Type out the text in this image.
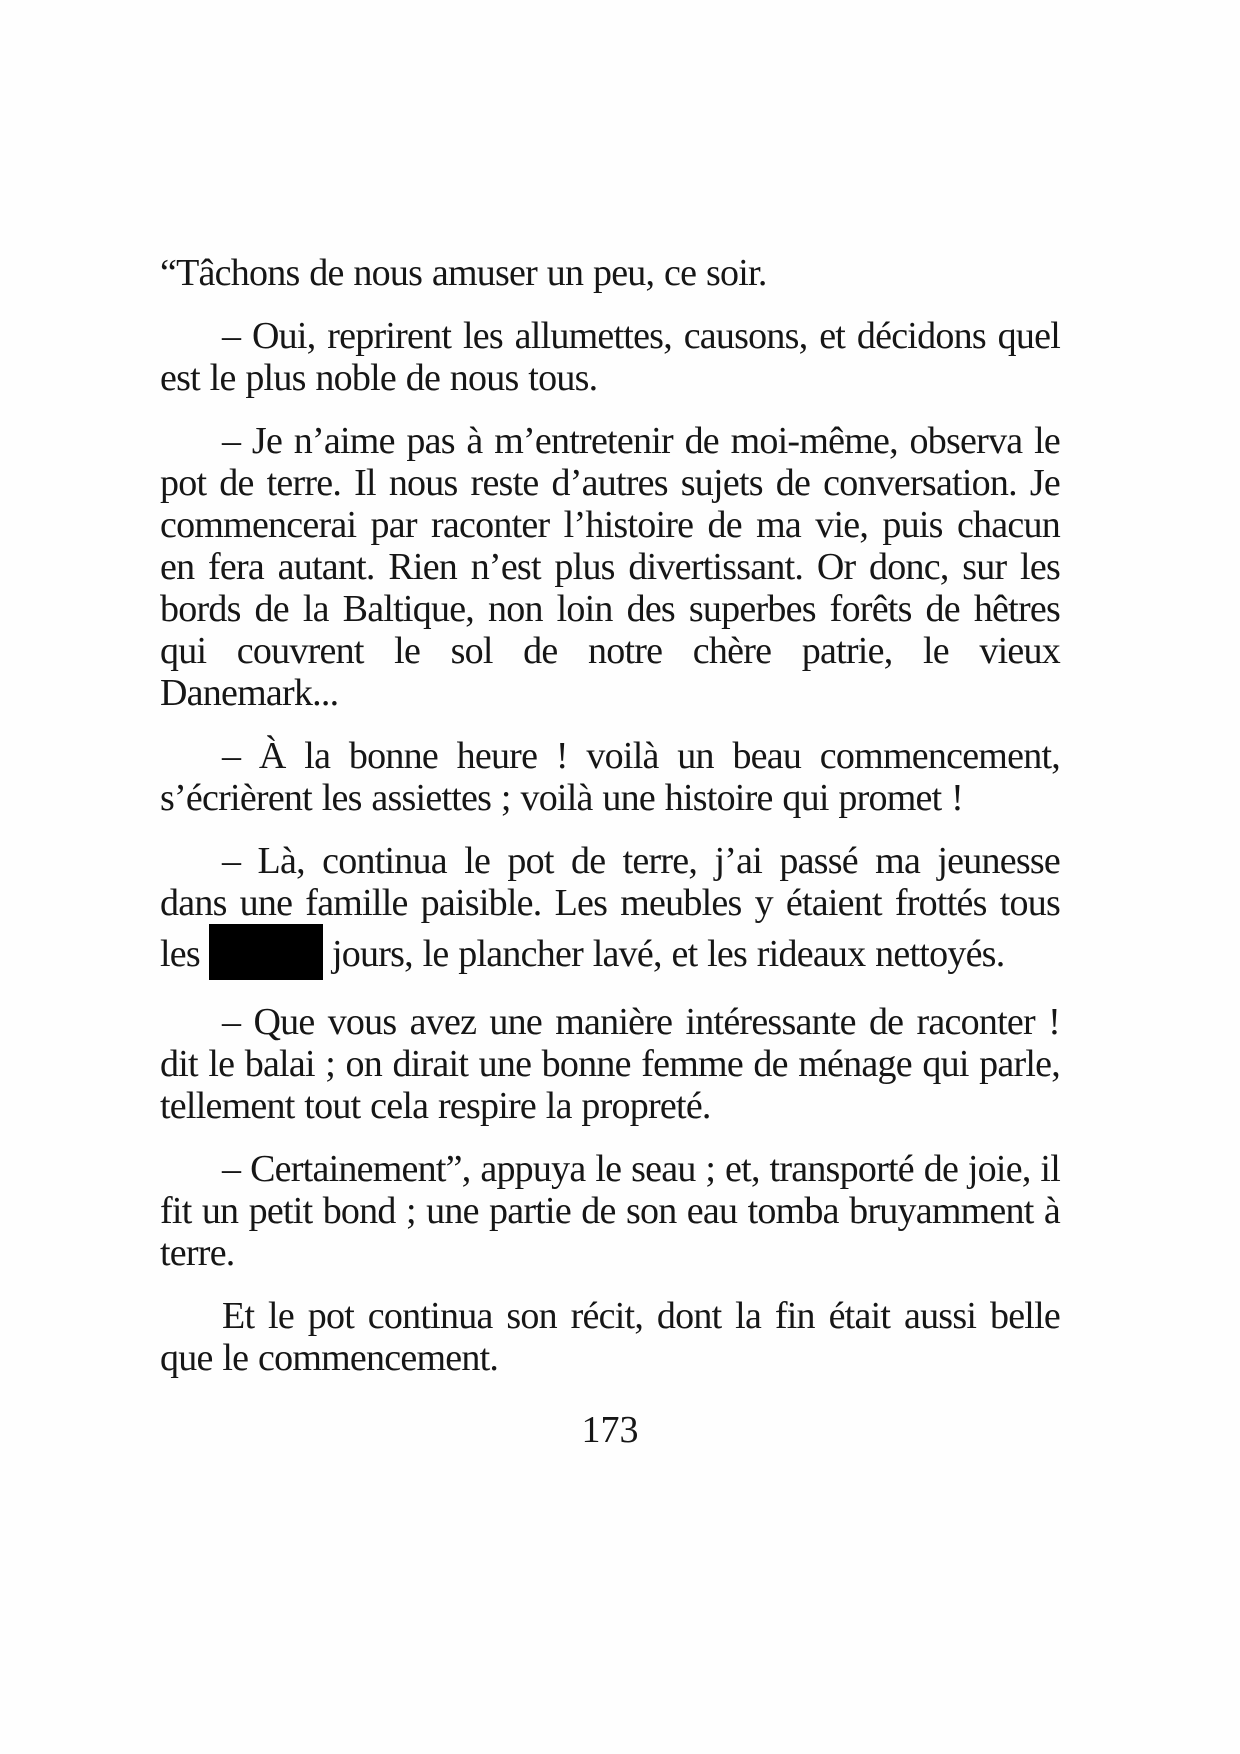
“Tâchons de nous amuser un peu, ce soir.

– Oui, reprirent les allumettes, causons, et décidons quel est le plus noble de nous tous.

– Je n’aime pas à m’entretenir de moi-même, observa le pot de terre. Il nous reste d’autres sujets de conversation. Je commencerai par raconter l’histoire de ma vie, puis chacun en fera autant. Rien n’est plus divertissant. Or donc, sur les bords de la Baltique, non loin des superbes forêts de hêtres qui couvrent le sol de notre chère patrie, le vieux Danemark...

– À la bonne heure ! voilà un beau commencement, s’écrièrent les assiettes ; voilà une histoire qui promet !

– Là, continua le pot de terre, j’ai passé ma jeunesse dans une famille paisible. Les meubles y étaient frottés tous les	jours, le plancher lavé, et les rideaux nettoyés.

– Que vous avez une manière intéressante de raconter ! dit le balai ; on dirait une bonne femme de ménage qui parle, tellement tout cela respire la propreté.

– Certainement”, appuya le seau ; et, transporté de joie, il fit un petit bond ; une partie de son eau tomba bruyamment à terre.

Et le pot continua son récit, dont la fin était aussi belle que le commencement.

173
